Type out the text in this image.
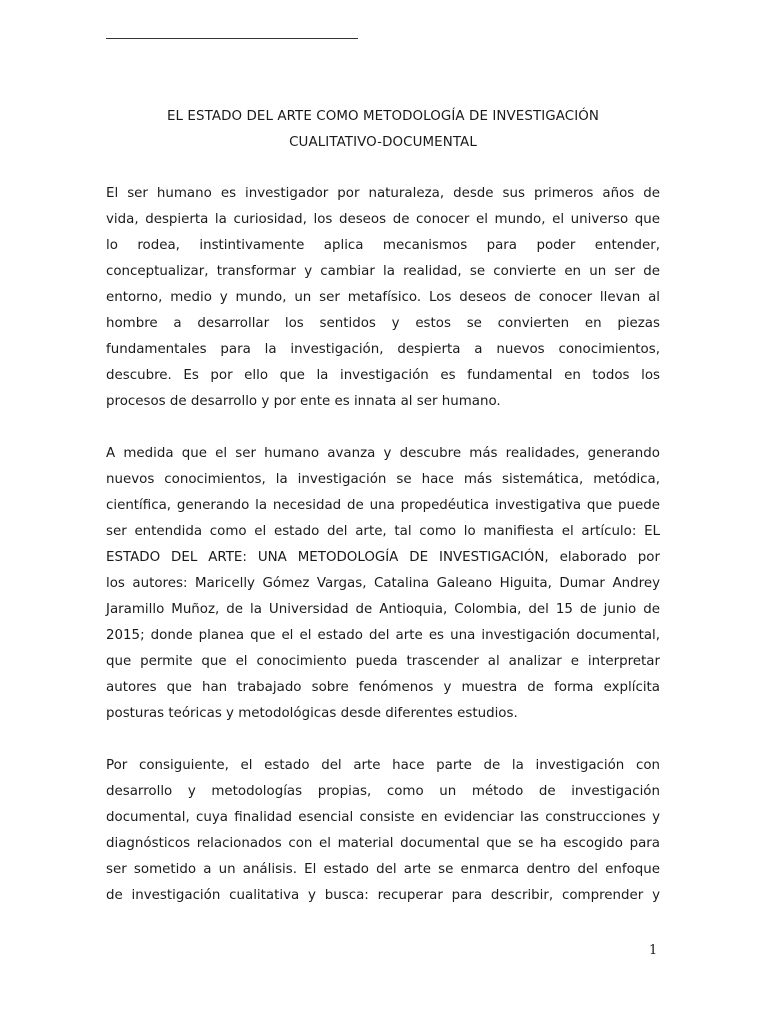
EL ESTADO DEL ARTE COMO METODOLOGÍA DE INVESTIGACIÓN
CUALITATIVO-DOCUMENTAL
El ser humano es investigador por naturaleza, desde sus primeros años de
vida, despierta la curiosidad, los deseos de conocer el mundo, el universo que
lo rodea, instintivamente aplica mecanismos para poder entender,
conceptualizar, transformar y cambiar la realidad, se convierte en un ser de
entorno, medio y mundo, un ser metafísico. Los deseos de conocer llevan al
hombre a desarrollar los sentidos y estos se convierten en piezas
fundamentales para la investigación, despierta a nuevos conocimientos,
descubre. Es por ello que la investigación es fundamental en todos los
procesos de desarrollo y por ente es innata al ser humano.
A medida que el ser humano avanza y descubre más realidades, generando
nuevos conocimientos, la investigación se hace más sistemática, metódica,
científica, generando la necesidad de una propedéutica investigativa que puede
ser entendida como el estado del arte, tal como lo manifiesta el artículo: EL
ESTADO DEL ARTE: UNA METODOLOGÍA DE INVESTIGACIÓN, elaborado por
los autores: Maricelly Gómez Vargas, Catalina Galeano Higuita, Dumar Andrey
Jaramillo Muñoz, de la Universidad de Antioquia, Colombia, del 15 de junio de
2015; donde planea que el el estado del arte es una investigación documental,
que permite que el conocimiento pueda trascender al analizar e interpretar
autores que han trabajado sobre fenómenos y muestra de forma explícita
posturas teóricas y metodológicas desde diferentes estudios.
Por consiguiente, el estado del arte hace parte de la investigación con
desarrollo y metodologías propias, como un método de investigación
documental, cuya finalidad esencial consiste en evidenciar las construcciones y
diagnósticos relacionados con el material documental que se ha escogido para
ser sometido a un análisis. El estado del arte se enmarca dentro del enfoque
de investigación cualitativa y busca: recuperar para describir, comprender y
1
